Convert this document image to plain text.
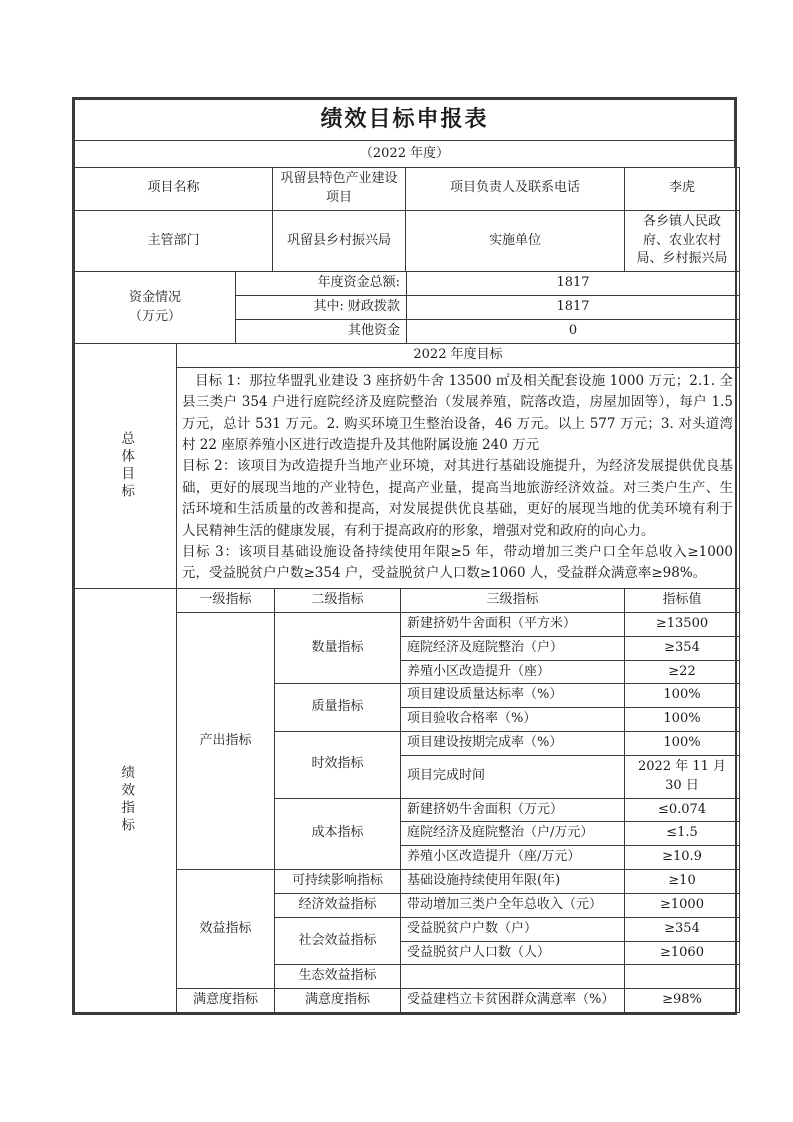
绩效目标申报表
（2022 年度）
项目名称	巩留县特色产业建设项目	项目负责人及联系电话	李虎
主管部门	巩留县乡村振兴局	实施单位	各乡镇人民政府、农业农村局、乡村振兴局
资金情况
（万元）	年度资金总额:	1817
	其中: 财政拨款	1817
	其他资金	0
总体目标
	2022 年度目标

目标 1：那拉华盟乳业建设 3 座挤奶牛舍 13500 ㎡及相关配套设施 1000 万元；2.1. 全县三类户 354 户进行庭院经济及庭院整治（发展养殖，院落改造，房屋加固等），每户 1.5 万元，总计 531 万元。2. 购买环境卫生整治设备，46 万元。以上 577 万元；3. 对头道湾村 22 座原养殖小区进行改造提升及其他附属设施 240 万元

目标 2：该项目为改造提升当地产业环境，对其进行基础设施提升，为经济发展提供优良基础，更好的展现当地的产业特色，提高产业量，提高当地旅游经济效益。对三类户生产、生活环境和生活质量的改善和提高，对发展提供优良基础，更好的展现当地的优美环境有利于人民精神生活的健康发展，有利于提高政府的形象，增强对党和政府的向心力。

目标 3：该项目基础设施设备持续使用年限≥5 年，带动增加三类户口全年总收入≥1000 元，受益脱贫户户数≥354 户，受益脱贫户人口数≥1060 人，受益群众满意率≥98%。

绩效指标	一级指标	二级指标	三级指标	指标值
	产出指标	数量指标	新建挤奶牛舍面积（平方米）	≥13500
			庭院经济及庭院整治（户）	≥354
			养殖小区改造提升（座）	≥22
		质量指标	项目建设质量达标率（%）	100%
			项目验收合格率（%）	100%
		时效指标	项目建设按期完成率（%）	100%
			项目完成时间	2022 年 11 月 30 日
		成本指标	新建挤奶牛舍面积（万元）	≤0.074
			庭院经济及庭院整治（户/万元）	≤1.5
			养殖小区改造提升（座/万元）	≥10.9
	效益指标	可持续影响指标	基础设施持续使用年限(年)	≥10
		经济效益指标	带动增加三类户全年总收入（元）	≥1000
		社会效益指标	受益脱贫户户数（户）	≥354
			受益脱贫户人口数（人）	≥1060
		生态效益指标		
	满意度指标	满意度指标	受益建档立卡贫困群众满意率（%）	≥98%
